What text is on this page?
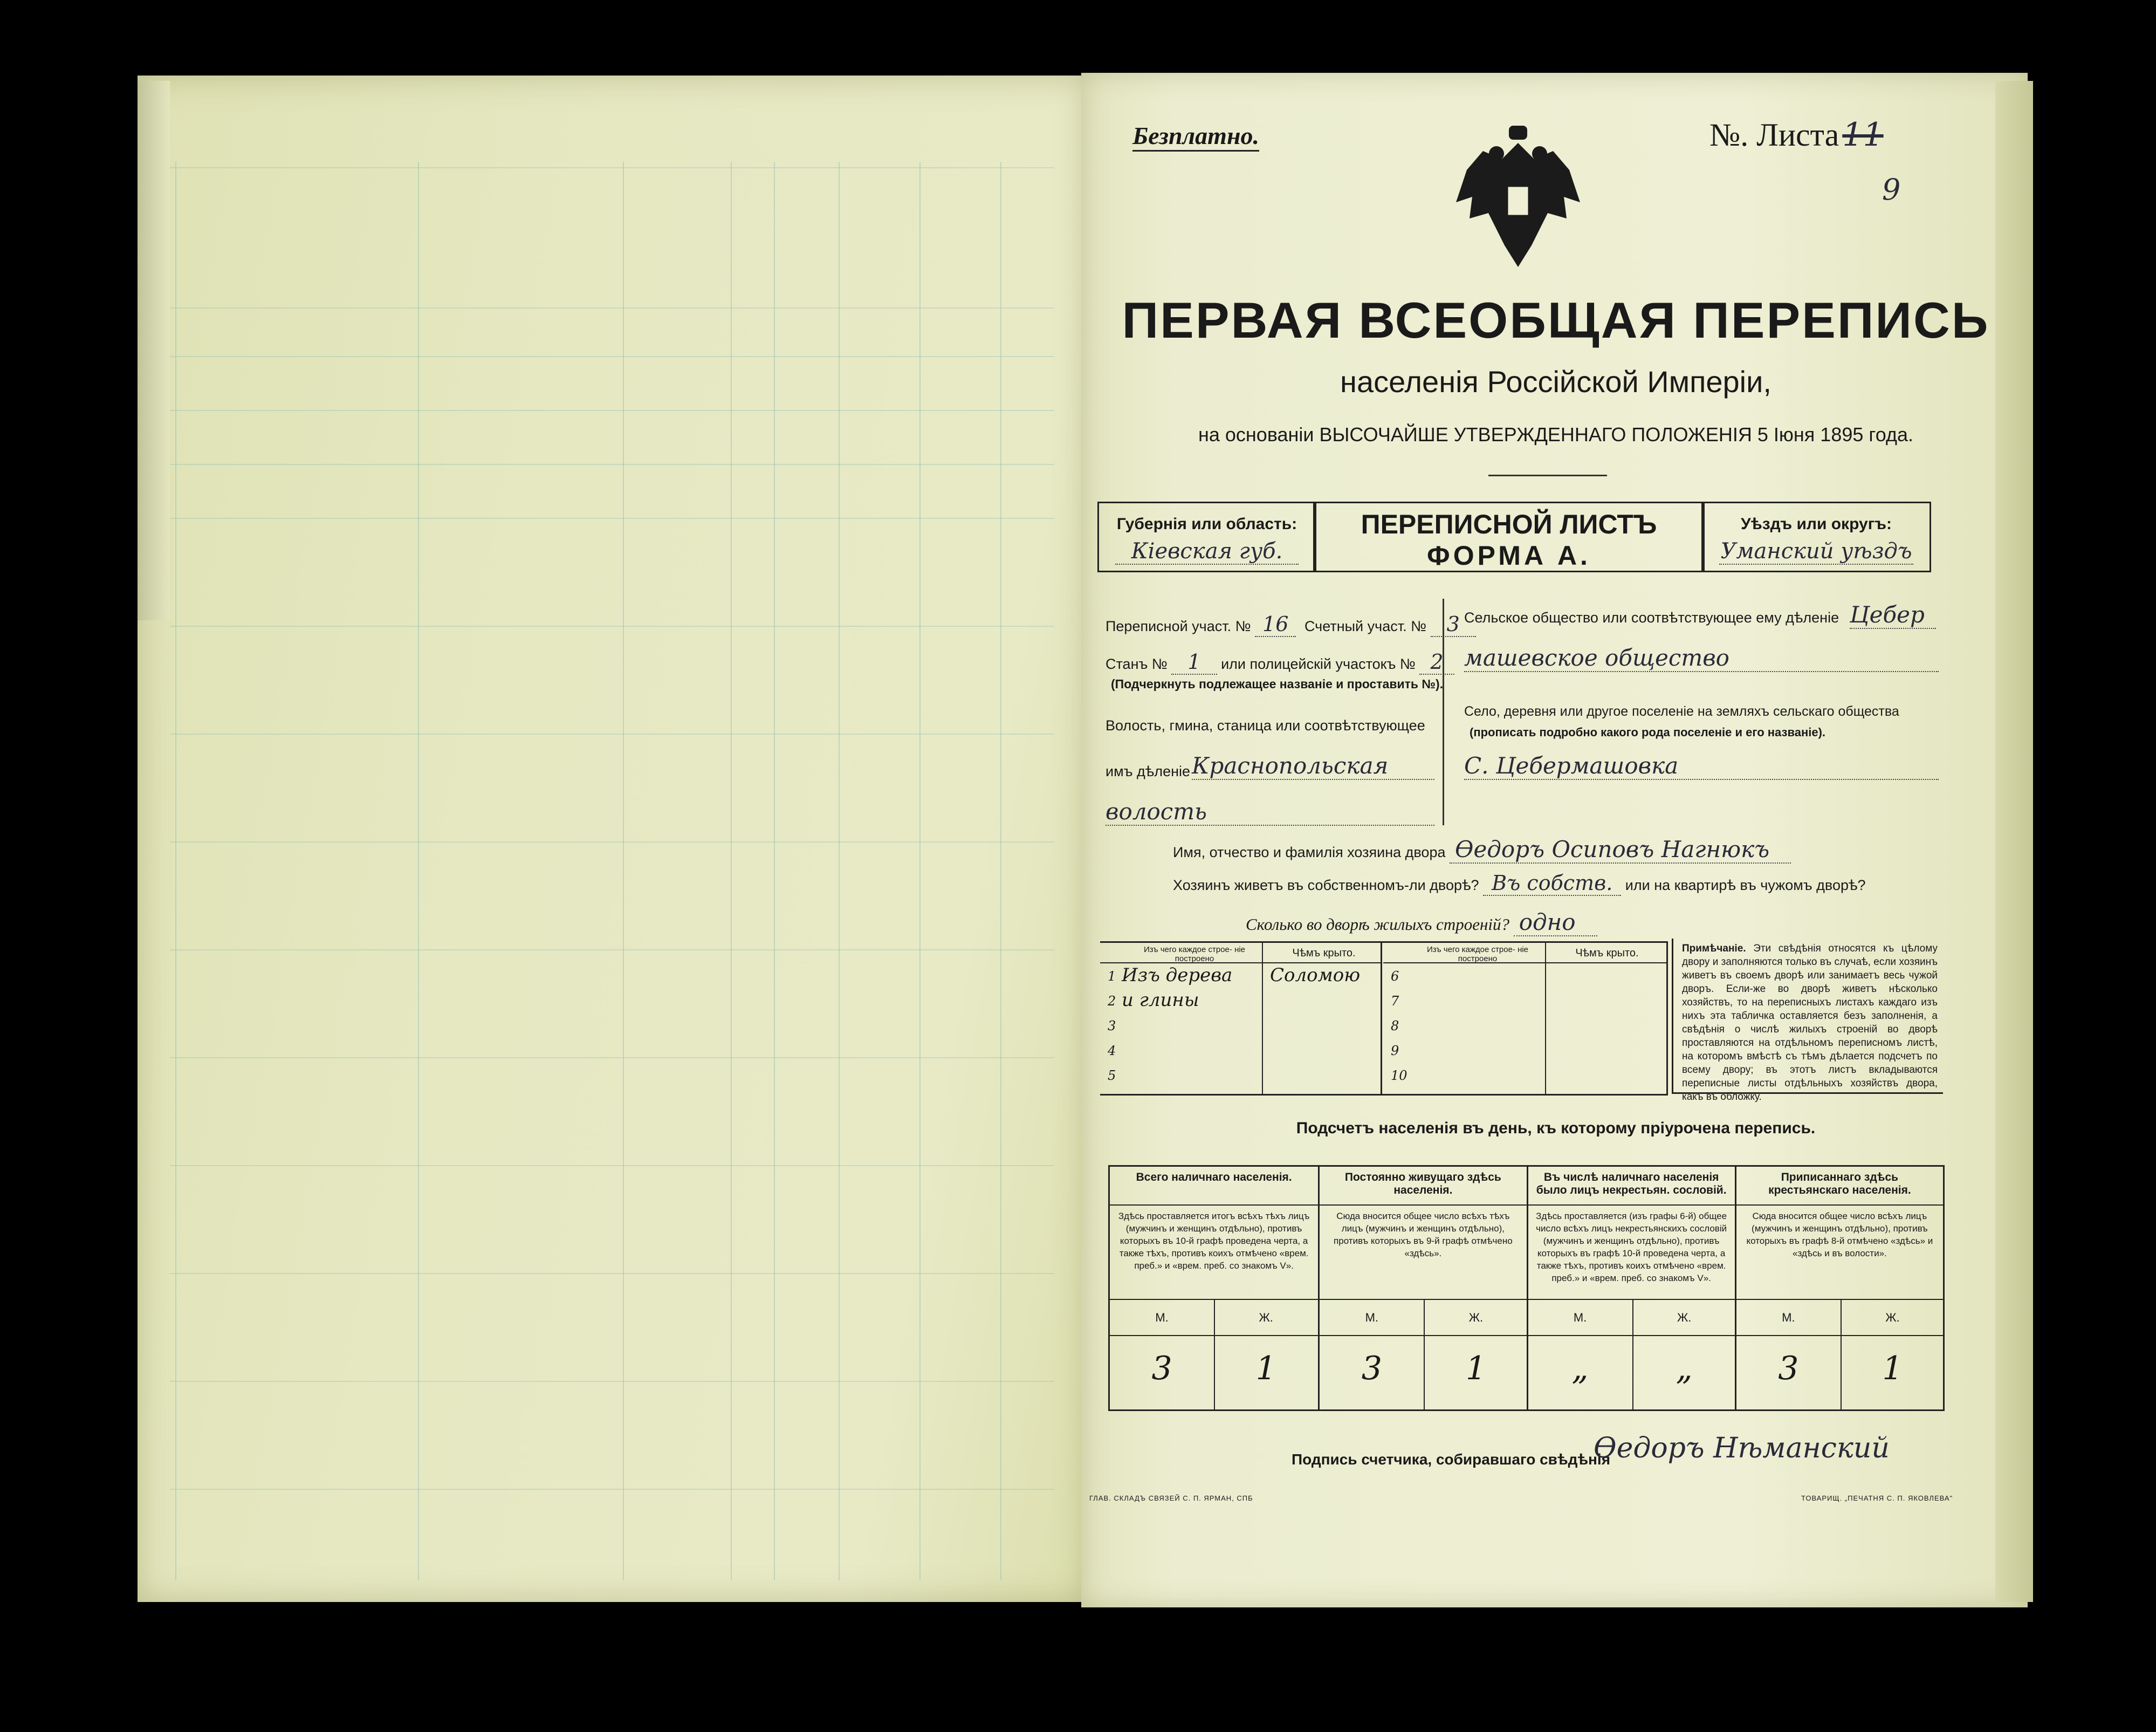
Безплатно.	№. Листа 11
9
ПЕРВАЯ ВСЕОБЩАЯ ПЕРЕПИСЬ
населенія Россійской Имперіи,
на основаніи ВЫСОЧАЙШЕ УТВЕРЖДЕННАГО ПОЛОЖЕНІЯ 5 Іюня 1895 года.
Губернія или область:
Кіевская губ.
ПЕРЕПИСНОЙ ЛИСТЪ
ФОРМА А.
Уѣздъ или округъ:
Уманский уѣздъ
Переписной участ. № 16 Счетный участ. № 3
Станъ № 1 или полицейскій участокъ № 2
(Подчеркнуть подлежащее названіе и проставить №).
Волость, гмина, станица или соотвѣтствующее
имъ дѣленіе Краснопольская
волость
Сельское общество или соотвѣтствующее ему дѣленіе Цебер
машевское общество
Село, деревня или другое поселеніе на земляхъ сельскаго общества
(прописать подробно какого рода поселеніе и его названіе).
С. Цебермашовка
Имя, отчество и фамилія хозяина двора Ѳедоръ Осиповъ Нагнюкъ
Хозяинъ живетъ въ собственномъ-ли дворѣ? Въ собств. или на квартирѣ въ чужомъ дворѣ?
Сколько во дворѣ жилыхъ строеній? одно
Изъ чего каждое строе- ніе построено	Чѣмъ крыто.
1 Изъ дерева Соломою
2 и глины
3
4
5
Изъ чего каждое строе- ніе построено	Чѣмъ крыто.
6
7
8
9
10
Примѣчаніе. Эти свѣдѣнія относятся къ цѣлому двору и заполняются только въ случаѣ, если хозяинъ живетъ въ своемъ дворѣ или занимаетъ весь чужой дворъ. Если-же во дворѣ живетъ нѣсколько хозяйствъ, то на переписныхъ листахъ каждаго изъ нихъ эта табличка оставляется безъ заполненія, а свѣдѣнія о числѣ жилыхъ строеній во дворѣ проставляются на отдѣльномъ переписномъ листѣ, на которомъ вмѣстѣ съ тѣмъ дѣлается подсчетъ по всему двору; въ этотъ листъ вкладываются переписные листы отдѣльныхъ хозяйствъ двора, какъ въ обложку.
Подсчетъ населенія въ день, къ которому пріурочена перепись.
Всего наличнаго населенія.
Здѣсь проставляется итогъ всѣхъ тѣхъ лицъ (мужчинъ и женщинъ отдѣльно), противъ которыхъ въ 10-й графѣ проведена черта, а также тѣхъ, противъ коихъ отмѣчено «врем. преб.» и «врем. преб. со знакомъ V».
М.	Ж.
3	1
Постоянно живущаго здѣсь населенія.
Сюда вносится общее число всѣхъ тѣхъ лицъ (мужчинъ и женщинъ отдѣльно), противъ которыхъ въ 9-й графѣ отмѣчено «здѣсь».
М.	Ж.
3	1
Въ числѣ наличнаго населенія было лицъ некрестьян. сословій.
Здѣсь проставляется (изъ графы 6-й) общее число всѣхъ лицъ некрестьянскихъ сословій (мужчинъ и женщинъ отдѣльно), противъ которыхъ въ графѣ 10-й проведена черта, а также тѣхъ, противъ коихъ отмѣчено «врем. преб.» и «врем. преб. со знакомъ V».
М.	Ж.
„	„
Приписаннаго здѣсь крестьянскаго населенія.
Сюда вносится общее число всѣхъ лицъ (мужчинъ и женщинъ отдѣльно), противъ которыхъ въ графѣ 8-й отмѣчено «здѣсь» и «здѣсь и въ волости».
М.	Ж.
3	1
Подпись счетчика, собиравшаго свѣдѣнія
Ѳедоръ Нѣманский
ГЛАВ. СКЛАДЪ СВЯЗЕЙ С. П. ЯРМАН, СПБ	ТОВАРИЩ. „ПЕЧАТНЯ С. П. ЯКОВЛЕВА"
